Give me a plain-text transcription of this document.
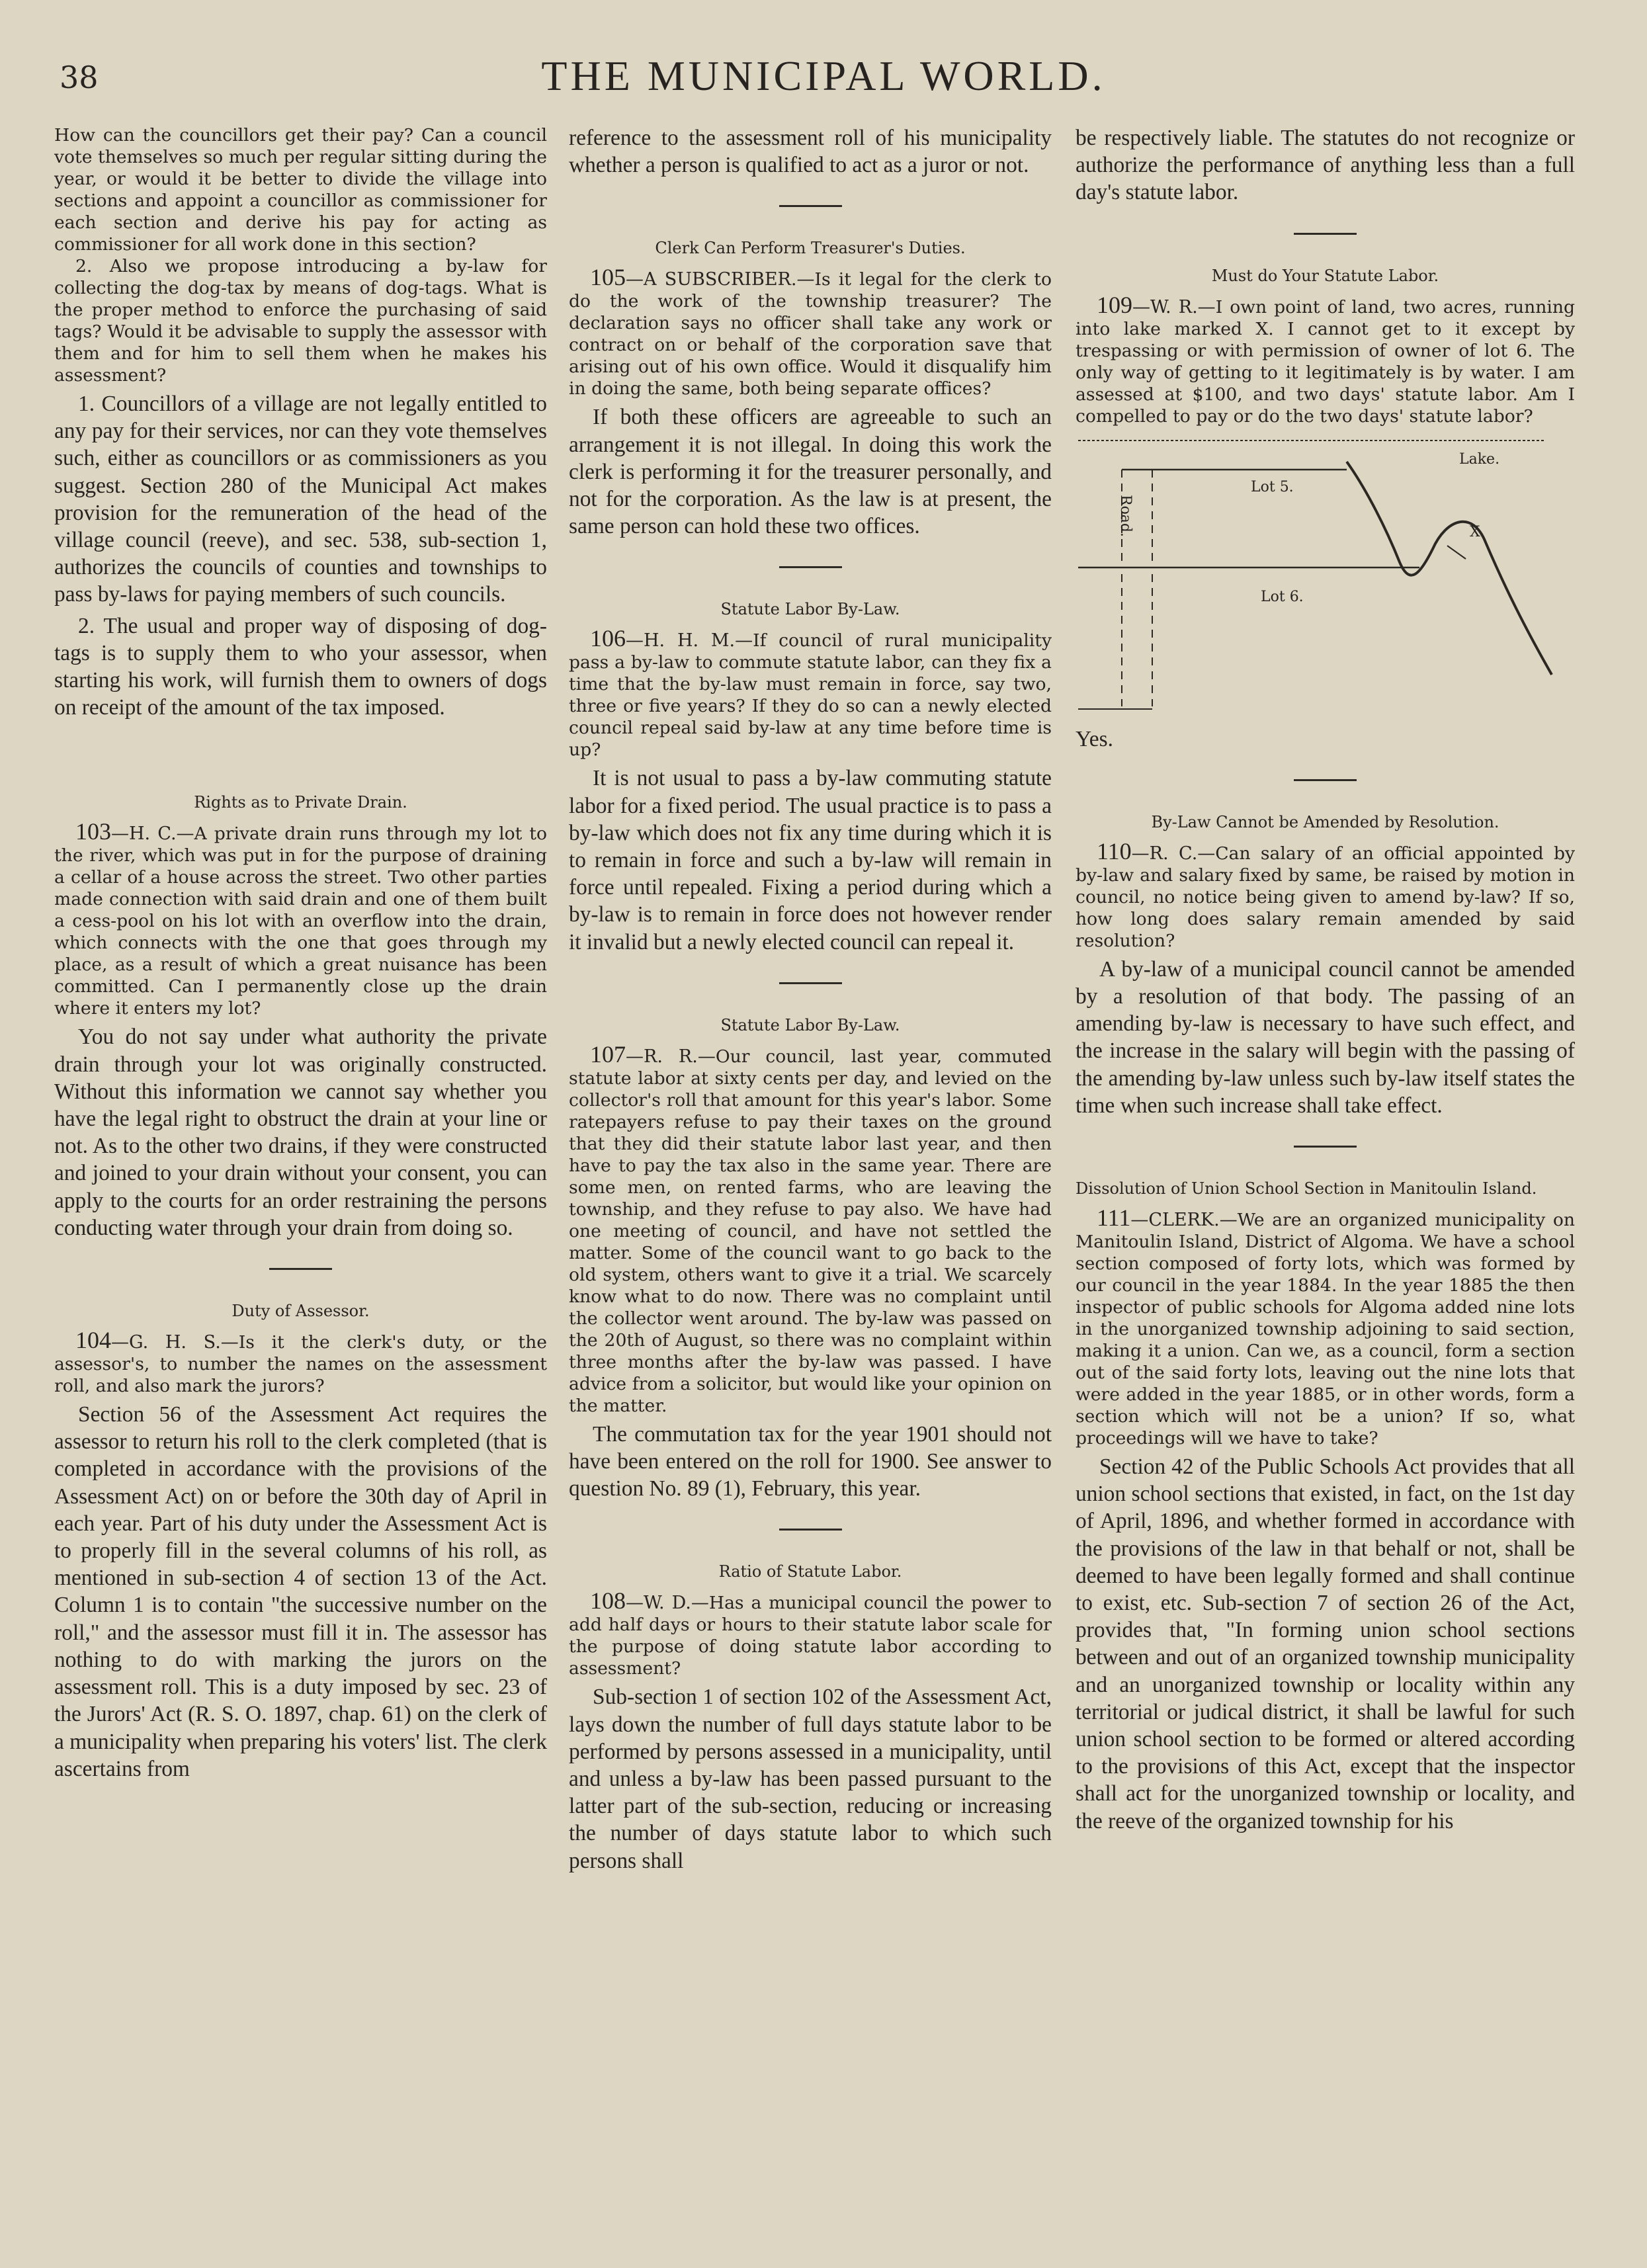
38	THE MUNICIPAL WORLD.

How can the councillors get their pay? Can a council vote themselves so much per regular sitting during the year, or would it be better to divide the village into sections and appoint a councillor as commissioner for each section and derive his pay for acting as commissioner for all work done in this section?

2. Also we propose introducing a by-law for collecting the dog-tax by means of dog-tags. What is the proper method to enforce the purchasing of said tags? Would it be advisable to supply the assessor with them and for him to sell them when he makes his assessment?

1. Councillors of a village are not legally entitled to any pay for their services, nor can they vote themselves such, either as councillors or as commissioners as you suggest. Section 280 of the Municipal Act makes provision for the remuneration of the head of the village council (reeve), and sec. 538, sub-section 1, authorizes the councils of counties and townships to pass by-laws for paying members of such councils.

2. The usual and proper way of disposing of dog-tags is to supply them to who your assessor, when starting his work, will furnish them to owners of dogs on receipt of the amount of the tax imposed.

Rights as to Private Drain.

103—H. C.—A private drain runs through my lot to the river, which was put in for the purpose of draining a cellar of a house across the street. Two other parties made connection with said drain and one of them built a cess-pool on his lot with an overflow into the drain, which connects with the one that goes through my place, as a result of which a great nuisance has been committed. Can I permanently close up the drain where it enters my lot?

You do not say under what authority the private drain through your lot was originally constructed. Without this information we cannot say whether you have the legal right to obstruct the drain at your line or not. As to the other two drains, if they were constructed and joined to your drain without your consent, you can apply to the courts for an order restraining the persons conducting water through your drain from doing so.

Duty of Assessor.

104—G. H. S.—Is it the clerk's duty, or the assessor's, to number the names on the assessment roll, and also mark the jurors?

Section 56 of the Assessment Act requires the assessor to return his roll to the clerk completed (that is completed in accordance with the provisions of the Assessment Act) on or before the 30th day of April in each year. Part of his duty under the Assessment Act is to properly fill in the several columns of his roll, as mentioned in sub-section 4 of section 13 of the Act. Column 1 is to contain "the successive number on the roll," and the assessor must fill it in. The assessor has nothing to do with marking the jurors on the assessment roll. This is a duty imposed by sec. 23 of the Jurors' Act (R. S. O. 1897, chap. 61) on the clerk of a municipality when preparing his voters' list. The clerk ascertains from

reference to the assessment roll of his municipality whether a person is qualified to act as a juror or not.

Clerk Can Perform Treasurer's Duties.

105—A SUBSCRIBER.—Is it legal for the clerk to do the work of the township treasurer? The declaration says no officer shall take any work or contract on or behalf of the corporation save that arising out of his own office. Would it disqualify him in doing the same, both being separate offices?

If both these officers are agreeable to such an arrangement it is not illegal. In doing this work the clerk is performing it for the treasurer personally, and not for the corporation. As the law is at present, the same person can hold these two offices.

Statute Labor By-Law.

106—H. H. M.—If council of rural municipality pass a by-law to commute statute labor, can they fix a time that the by-law must remain in force, say two, three or five years? If they do so can a newly elected council repeal said by-law at any time before time is up?

It is not usual to pass a by-law commuting statute labor for a fixed period. The usual practice is to pass a by-law which does not fix any time during which it is to remain in force and such a by-law will remain in force until repealed. Fixing a period during which a by-law is to remain in force does not however render it invalid but a newly elected council can repeal it.

Statute Labor By-Law.

107—R. R.—Our council, last year, commuted statute labor at sixty cents per day, and levied on the collector's roll that amount for this year's labor. Some ratepayers refuse to pay their taxes on the ground that they did their statute labor last year, and then have to pay the tax also in the same year. There are some men, on rented farms, who are leaving the township, and they refuse to pay also. We have had one meeting of council, and have not settled the matter. Some of the council want to go back to the old system, others want to give it a trial. We scarcely know what to do now. There was no complaint until the collector went around. The by-law was passed on the 20th of August, so there was no complaint within three months after the by-law was passed. I have advice from a solicitor, but would like your opinion on the matter.

The commutation tax for the year 1901 should not have been entered on the roll for 1900. See answer to question No. 89 (1), February, this year.

Ratio of Statute Labor.

108—W. D.—Has a municipal council the power to add half days or hours to their statute labor scale for the purpose of doing statute labor according to assessment?

Sub-section 1 of section 102 of the Assessment Act, lays down the number of full days statute labor to be performed by persons assessed in a municipality, until and unless a by-law has been passed pursuant to the latter part of the sub-section, reducing or increasing the number of days statute labor to which such persons shall

be respectively liable. The statutes do not recognize or authorize the performance of anything less than a full day's statute labor.

Must do Your Statute Labor.

109—W. R.—I own point of land, two acres, running into lake marked X. I cannot get to it except by trespassing or with permission of owner of lot 6. The only way of getting to it legitimately is by water. I am assessed at $100, and two days' statute labor. Am I compelled to pay or do the two days' statute labor?

Lake.
Lot 5.
Lot 6.
X
Road.

Yes.

By-Law Cannot be Amended by Resolution.

110—R. C.—Can salary of an official appointed by by-law and salary fixed by same, be raised by motion in council, no notice being given to amend by-law? If so, how long does salary remain amended by said resolution?

A by-law of a municipal council cannot be amended by a resolution of that body. The passing of an amending by-law is necessary to have such effect, and the increase in the salary will begin with the passing of the amending by-law unless such by-law itself states the time when such increase shall take effect.

Dissolution of Union School Section in Manitoulin Island.

111—CLERK.—We are an organized municipality on Manitoulin Island, District of Algoma. We have a school section composed of forty lots, which was formed by our council in the year 1884. In the year 1885 the then inspector of public schools for Algoma added nine lots in the unorganized township adjoining to said section, making it a union. Can we, as a council, form a section out of the said forty lots, leaving out the nine lots that were added in the year 1885, or in other words, form a section which will not be a union? If so, what proceedings will we have to take?

Section 42 of the Public Schools Act provides that all union school sections that existed, in fact, on the 1st day of April, 1896, and whether formed in accordance with the provisions of the law in that behalf or not, shall be deemed to have been legally formed and shall continue to exist, etc. Sub-section 7 of section 26 of the Act, provides that, "In forming union school sections between and out of an organized township municipality and an unorganized township or locality within any territorial or judical district, it shall be lawful for such union school section to be formed or altered according to the provisions of this Act, except that the inspector shall act for the unorganized township or locality, and the reeve of the organized township for his
